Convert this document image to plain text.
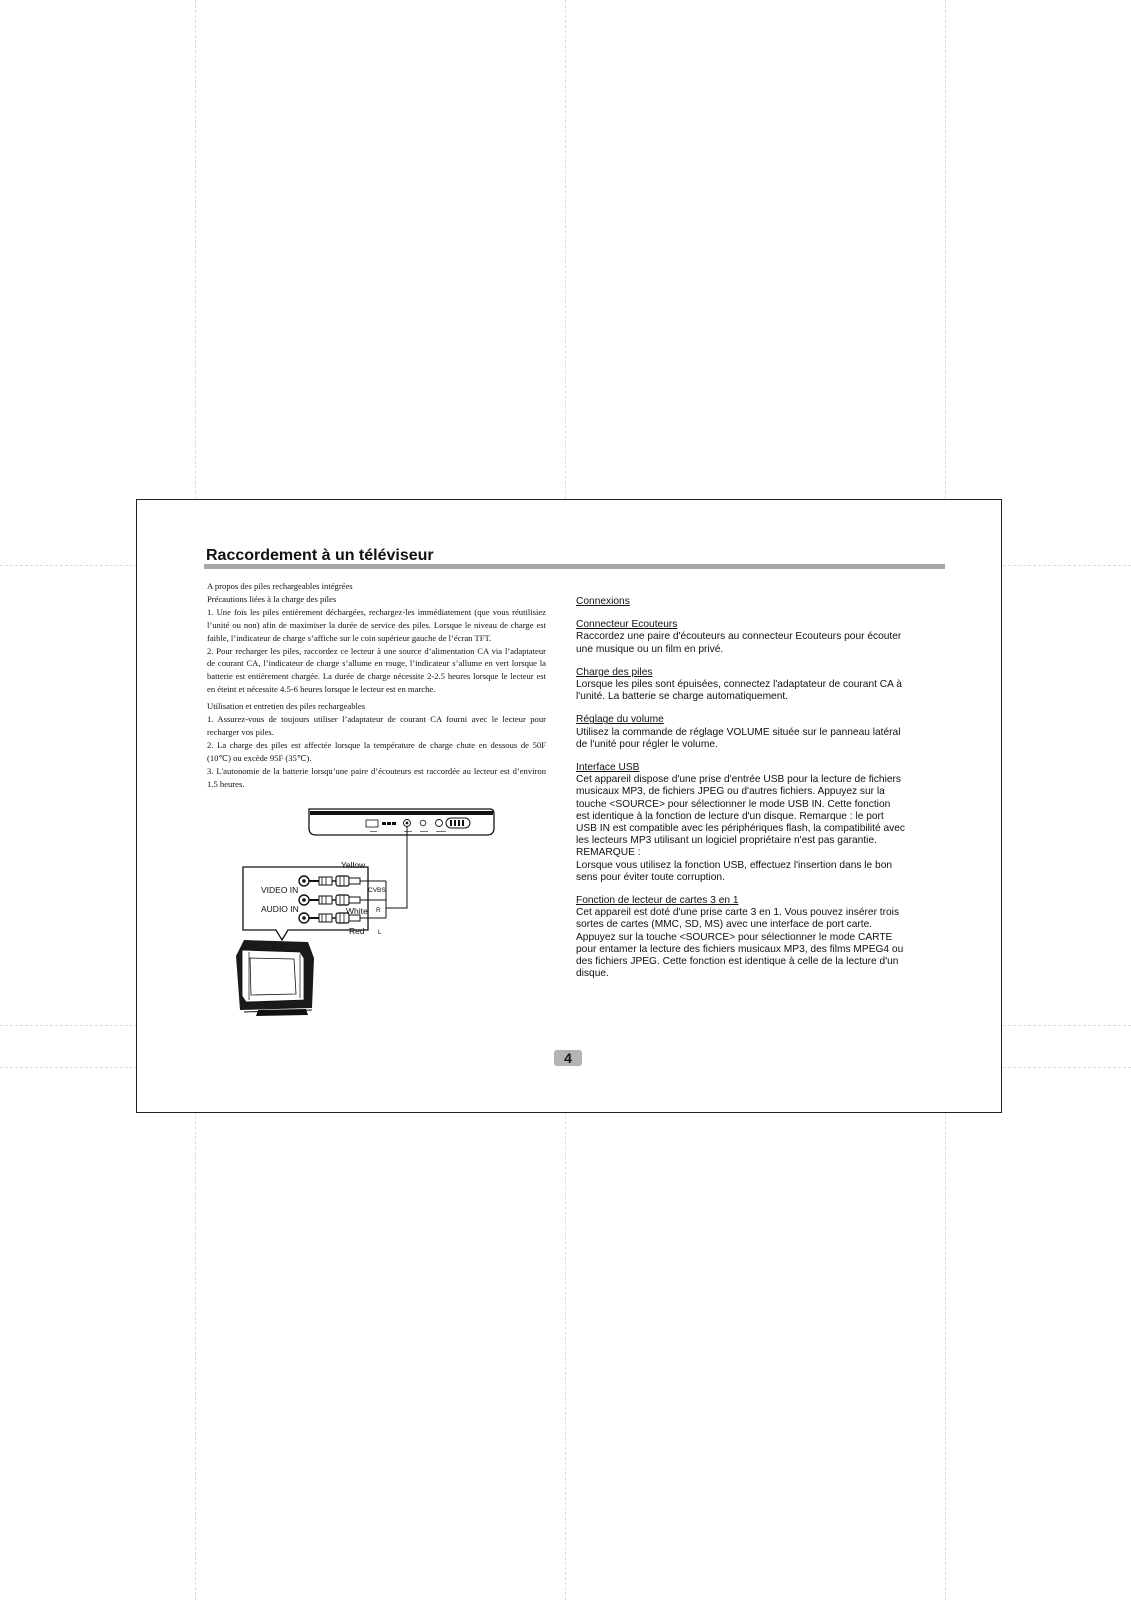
Raccordement à un téléviseur

A propos des piles rechargeables intégrées

Précautions liées à la charge des piles

1. Une fois les piles entièrement déchargées, rechargez-les immédiatement (que vous réutilisiez l’unité ou non) afin de maximiser la durée de service des piles. Lorsque le niveau de charge est faible, l’indicateur de charge s’affiche sur le coin supérieur gauche de l’écran TFT.

2. Pour recharger les piles, raccordez ce lecteur à une source d’alimentation CA via l’adaptateur de courant CA, l’indicateur de charge s’allume en rouge, l’indicateur s’allume en vert lorsque la batterie est entièrement chargée. La durée de charge nécessite 2-2.5 heures lorsque le lecteur est en éteint et nécessite 4.5-6 heures lorsque le lecteur est en marche.

Utilisation et entretien des piles rechargeables

1. Assurez-vous de toujours utiliser l’adaptateur de courant CA fourni avec le lecteur pour recharger vos piles.

2. La charge des piles est affectée lorsque la température de charge chute en dessous de 50F (10℃) ou excède 95F (35℃).

3. L'autonomie de la batterie lorsqu’une paire d’écouteurs est raccordée au lecteur est d’environ 1.5 heures.

Yellow
CVBS
White R
Red L
VIDEO IN
AUDIO IN
Connexions
Connecteur Ecouteurs
Raccordez une paire d'écouteurs au connecteur Ecouteurs pour écouter une musique ou un film en privé.
Charge des piles
Lorsque les piles sont épuisées, connectez l'adaptateur de courant CA à l'unité. La batterie se charge automatiquement.
Réglage du volume
Utilisez la commande de réglage VOLUME située sur le panneau latéral de l'unité pour régler le volume.
Interface USB
Cet appareil dispose d'une prise d'entrée USB pour la lecture de fichiers musicaux MP3, de fichiers JPEG ou d'autres fichiers. Appuyez sur la touche <SOURCE> pour sélectionner le mode USB IN. Cette fonction est identique à la fonction de lecture d'un disque. Remarque : le port USB IN est compatible avec les périphériques flash, la compatibilité avec les lecteurs MP3 utilisant un logiciel propriétaire n'est pas garantie.
REMARQUE :
Lorsque vous utilisez la fonction USB, effectuez l'insertion dans le bon sens pour éviter toute corruption.
Fonction de lecteur de cartes 3 en 1
Cet appareil est doté d'une prise carte 3 en 1. Vous pouvez insérer trois sortes de cartes (MMC, SD, MS) avec une interface de port carte. Appuyez sur la touche <SOURCE> pour sélectionner le mode CARTE pour entamer la lecture des fichiers musicaux MP3, des films MPEG4 ou des fichiers JPEG. Cette fonction est identique à celle de la lecture d'un disque.
4
